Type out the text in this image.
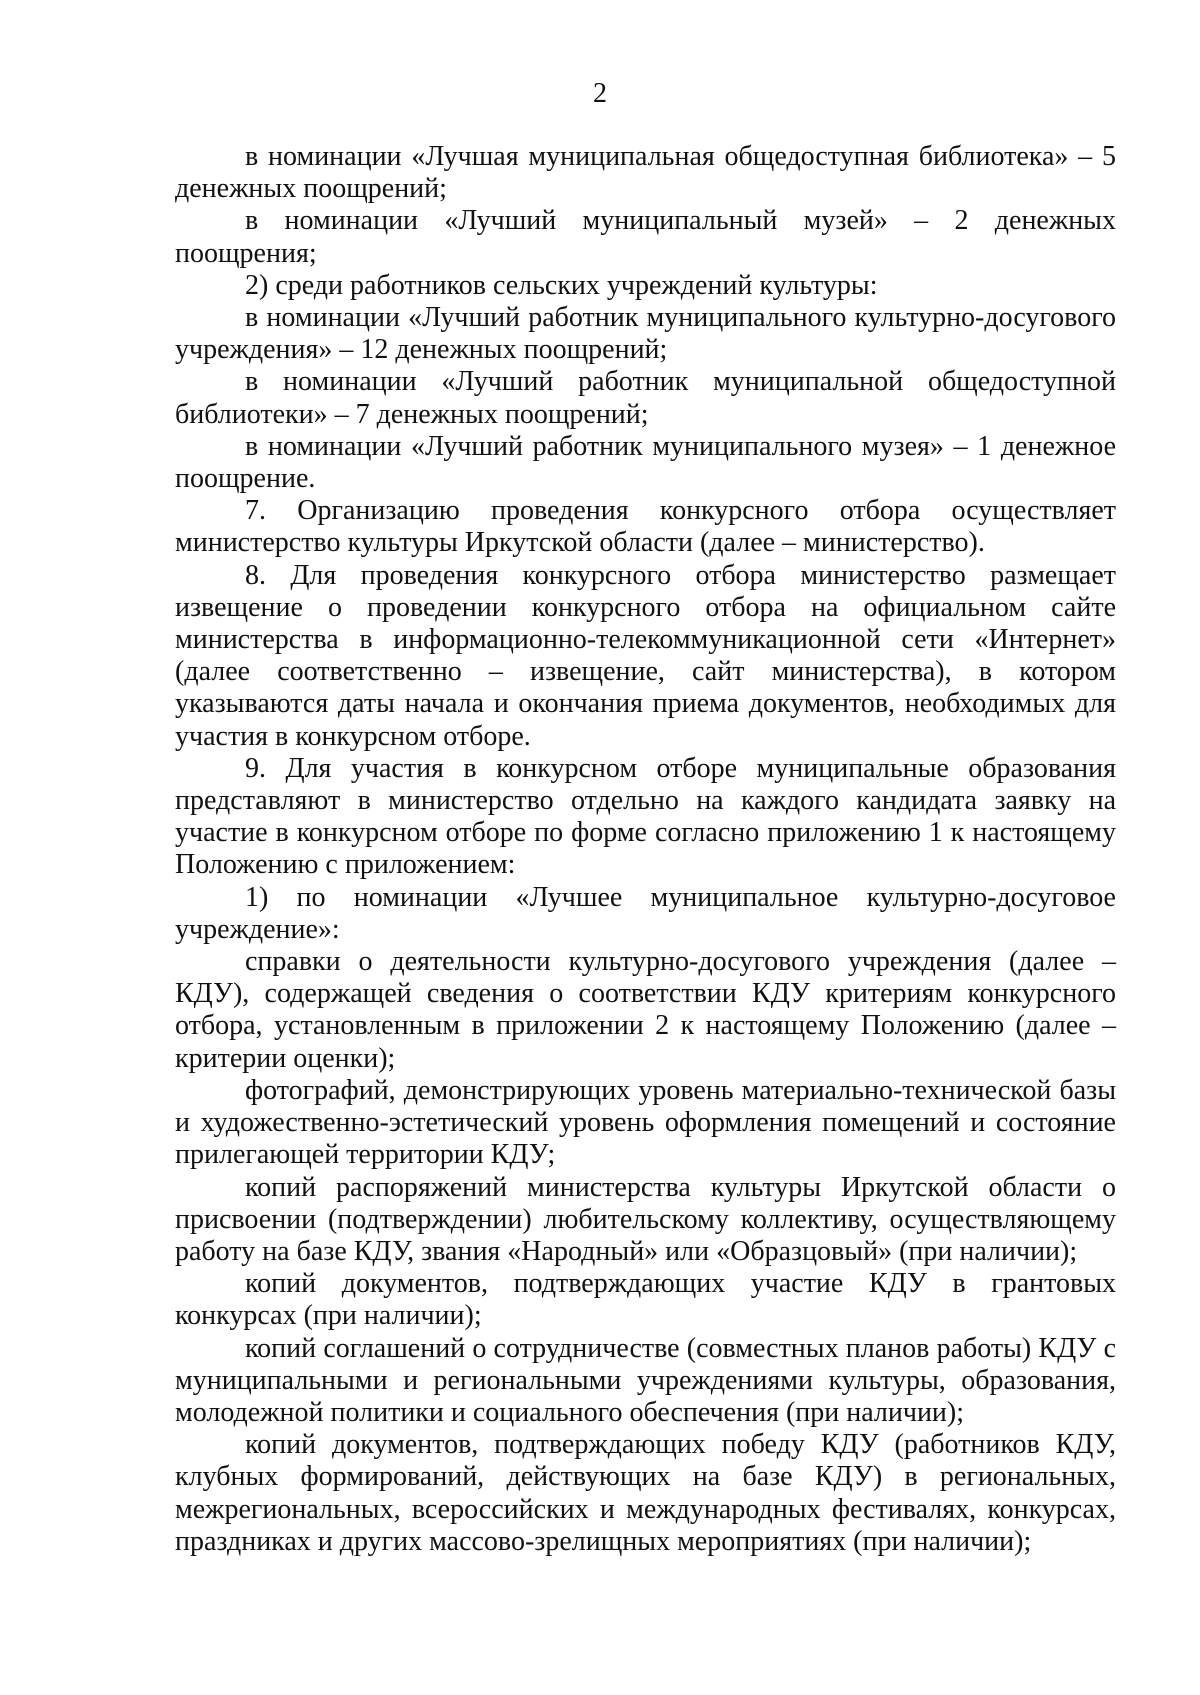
2

в номинации «Лучшая муниципальная общедоступная библиотека» – 5 денежных поощрений;

в номинации «Лучший муниципальный музей» – 2 денежных поощрения;

2) среди работников сельских учреждений культуры:

в номинации «Лучший работник муниципального культурно-досугового учреждения» – 12 денежных поощрений;

в номинации «Лучший работник муниципальной общедоступной библиотеки» – 7 денежных поощрений;

в номинации «Лучший работник муниципального музея» – 1 денежное поощрение.

7. Организацию проведения конкурсного отбора осуществляет министерство культуры Иркутской области (далее – министерство).

8. Для проведения конкурсного отбора министерство размещает извещение о проведении конкурсного отбора на официальном сайте министерства в информационно-телекоммуникационной сети «Интернет» (далее соответственно – извещение, сайт министерства), в котором указываются даты начала и окончания приема документов, необходимых для участия в конкурсном отборе.

9. Для участия в конкурсном отборе муниципальные образования представляют в министерство отдельно на каждого кандидата заявку на участие в конкурсном отборе по форме согласно приложению 1 к настоящему Положению с приложением:

1) по номинации «Лучшее муниципальное культурно-досуговое учреждение»:

справки о деятельности культурно-досугового учреждения (далее – КДУ), содержащей сведения о соответствии КДУ критериям конкурсного отбора, установленным в приложении 2 к настоящему Положению (далее – критерии оценки);

фотографий, демонстрирующих уровень материально-технической базы и художественно-эстетический уровень оформления помещений и состояние прилегающей территории КДУ;

копий распоряжений министерства культуры Иркутской области о присвоении (подтверждении) любительскому коллективу, осуществляющему работу на базе КДУ, звания «Народный» или «Образцовый» (при наличии);

копий документов, подтверждающих участие КДУ в грантовых конкурсах (при наличии);

копий соглашений о сотрудничестве (совместных планов работы) КДУ с муниципальными и региональными учреждениями культуры, образования, молодежной политики и социального обеспечения (при наличии);

копий документов, подтверждающих победу КДУ (работников КДУ, клубных формирований, действующих на базе КДУ) в региональных, межрегиональных, всероссийских и международных фестивалях, конкурсах, праздниках и других массово-зрелищных мероприятиях (при наличии);
